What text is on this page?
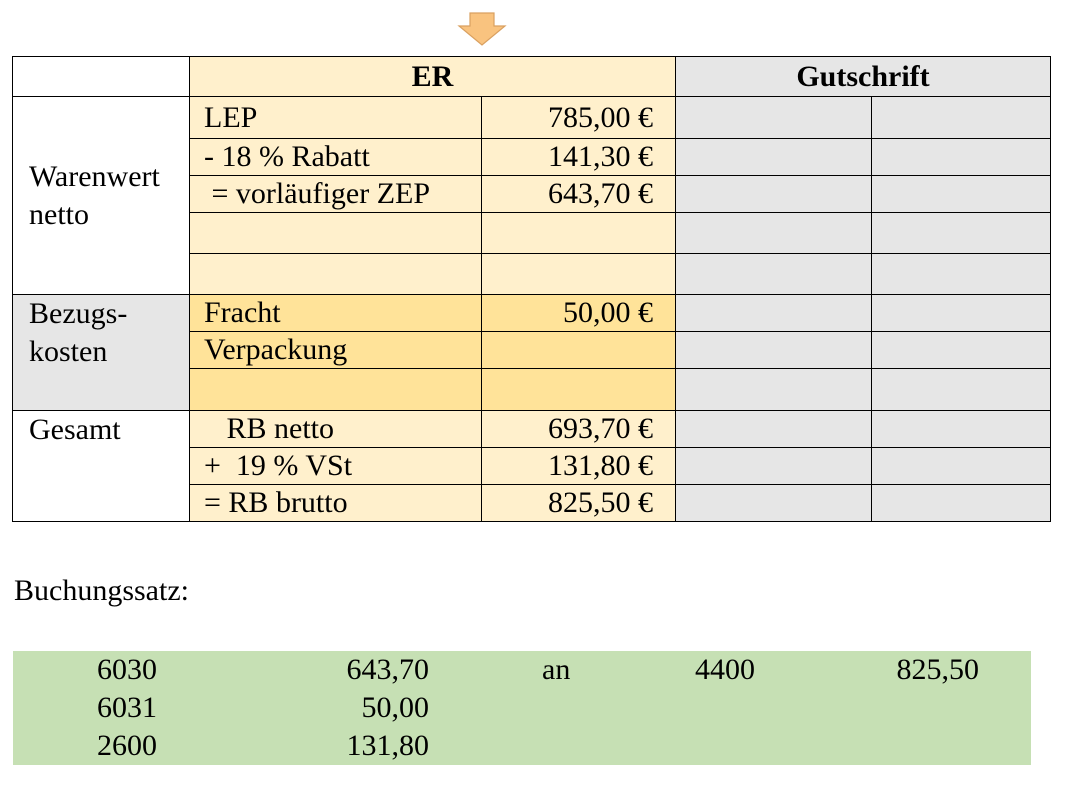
	ER		Gutschrift	

Warenwert
netto	LEP	785,00 €		
	- 18 % Rabatt	141,30 €		
	= vorläufiger ZEP	643,70 €		

Bezugs-
kosten	Fracht	50,00 €		
	Verpackung			

Gesamt	RB netto	693,70 €		
	+  19 % VSt	131,80 €		
	= RB brutto	825,50 €		

Buchungssatz:

6030	643,70	an	4400	825,50
6031	50,00
2600	131,80
